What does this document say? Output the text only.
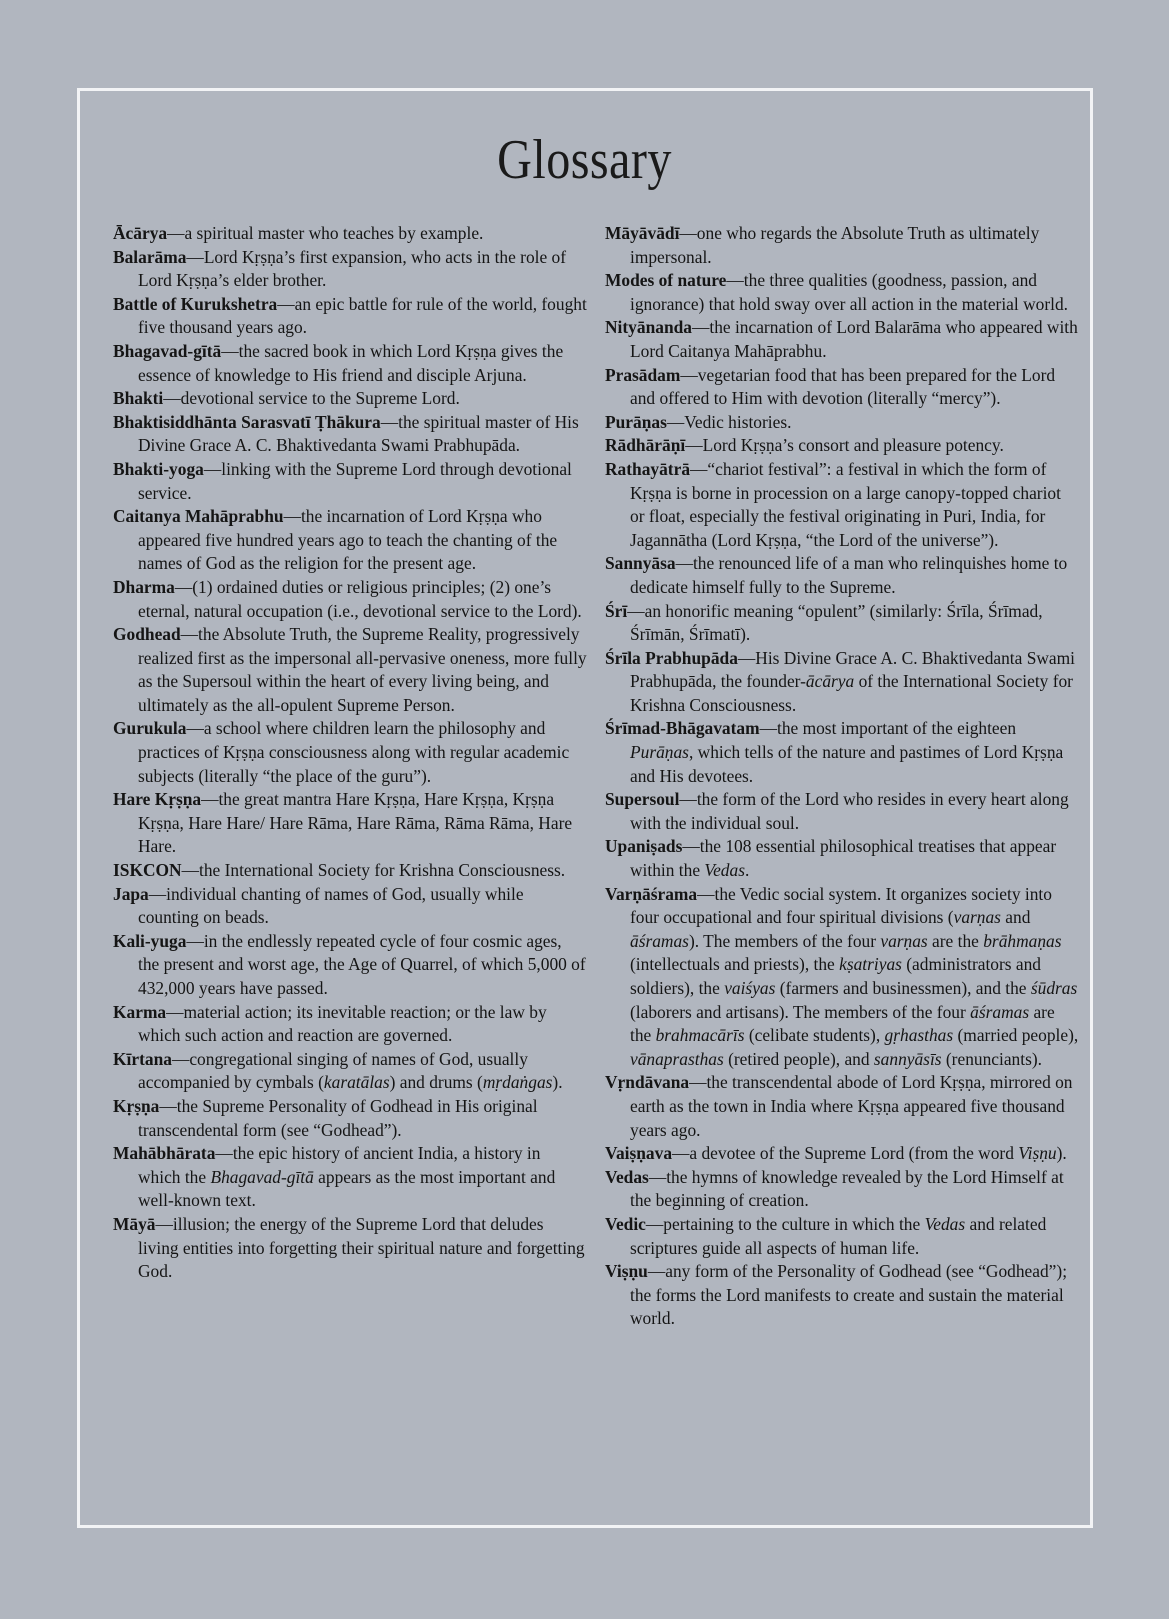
Glossary

Ācārya—a spiritual master who teaches by example.

Balarāma—Lord Kṛṣṇa’s first expansion, who acts in the role of Lord Kṛṣṇa’s elder brother.

Battle of Kurukshetra—an epic battle for rule of the world, fought five thousand years ago.

Bhagavad-gītā—the sacred book in which Lord Kṛṣṇa gives the essence of knowledge to His friend and disciple Arjuna.

Bhakti—devotional service to the Supreme Lord.

Bhaktisiddhānta Sarasvatī Ṭhākura—the spiritual master of His Divine Grace A. C. Bhaktivedanta Swami Prabhupāda.

Bhakti-yoga—linking with the Supreme Lord through devotional service.

Caitanya Mahāprabhu—the incarnation of Lord Kṛṣṇa who appeared five hundred years ago to teach the chanting of the names of God as the religion for the present age.

Dharma—(1) ordained duties or religious principles; (2) one’s eternal, natural occupation (i.e., devotional service to the Lord).

Godhead—the Absolute Truth, the Supreme Reality, progressively realized first as the impersonal all-pervasive oneness, more fully as the Supersoul within the heart of every living being, and ultimately as the all-opulent Supreme Person.

Gurukula—a school where children learn the philosophy and practices of Kṛṣṇa consciousness along with regular academic subjects (literally “the place of the guru”).

Hare Kṛṣṇa—the great mantra Hare Kṛṣṇa, Hare Kṛṣṇa, Kṛṣṇa Kṛṣṇa, Hare Hare/ Hare Rāma, Hare Rāma, Rāma Rāma, Hare Hare.

ISKCON—the International Society for Krishna Consciousness.

Japa—individual chanting of names of God, usually while counting on beads.

Kali-yuga—in the endlessly repeated cycle of four cosmic ages, the present and worst age, the Age of Quarrel, of which 5,000 of 432,000 years have passed.

Karma—material action; its inevitable reaction; or the law by which such action and reaction are governed.

Kīrtana—congregational singing of names of God, usually accompanied by cymbals (karatālas) and drums (mṛdaṅgas).

Kṛṣṇa—the Supreme Personality of Godhead in His original transcendental form (see “Godhead”).

Mahābhārata—the epic history of ancient India, a history in which the Bhagavad-gītā appears as the most important and well-known text.

Māyā—illusion; the energy of the Supreme Lord that deludes living entities into forgetting their spiritual nature and forgetting God.

Māyāvādī—one who regards the Absolute Truth as ultimately impersonal.

Modes of nature—the three qualities (goodness, passion, and ignorance) that hold sway over all action in the material world.

Nityānanda—the incarnation of Lord Balarāma who appeared with Lord Caitanya Mahāprabhu.

Prasādam—vegetarian food that has been prepared for the Lord and offered to Him with devotion (literally “mercy”).

Purāṇas—Vedic histories.

Rādhārāṇī—Lord Kṛṣṇa’s consort and pleasure potency.

Rathayātrā—“chariot festival”: a festival in which the form of Kṛṣṇa is borne in procession on a large canopy-topped chariot or float, especially the festival originating in Puri, India, for Jagannātha (Lord Kṛṣṇa, “the Lord of the universe”).

Sannyāsa—the renounced life of a man who relinquishes home to dedicate himself fully to the Supreme.

Śrī—an honorific meaning “opulent” (similarly: Śrīla, Śrīmad, Śrīmān, Śrīmatī).

Śrīla Prabhupāda—His Divine Grace A. C. Bhaktivedanta Swami Prabhupāda, the founder-ācārya of the International Society for Krishna Consciousness.

Śrīmad-Bhāgavatam—the most important of the eighteen Purāṇas, which tells of the nature and pastimes of Lord Kṛṣṇa and His devotees.

Supersoul—the form of the Lord who resides in every heart along with the individual soul.

Upaniṣads—the 108 essential philosophical treatises that appear within the Vedas.

Varṇāśrama—the Vedic social system. It organizes society into four occupational and four spiritual divisions (varṇas and āśramas). The members of the four varṇas are the brāhmaṇas (intellectuals and priests), the kṣatriyas (administrators and soldiers), the vaiśyas (farmers and businessmen), and the śūdras (laborers and artisans). The members of the four āśramas are the brahmacārīs (celibate students), gṛhasthas (married people), vānaprasthas (retired people), and sannyāsīs (renunciants).

Vṛndāvana—the transcendental abode of Lord Kṛṣṇa, mirrored on earth as the town in India where Kṛṣṇa appeared five thousand years ago.

Vaiṣṇava—a devotee of the Supreme Lord (from the word Viṣṇu).

Vedas—the hymns of knowledge revealed by the Lord Himself at the beginning of creation.

Vedic—pertaining to the culture in which the Vedas and related scriptures guide all aspects of human life.

Viṣṇu—any form of the Personality of Godhead (see “Godhead”); the forms the Lord manifests to create and sustain the material world.
